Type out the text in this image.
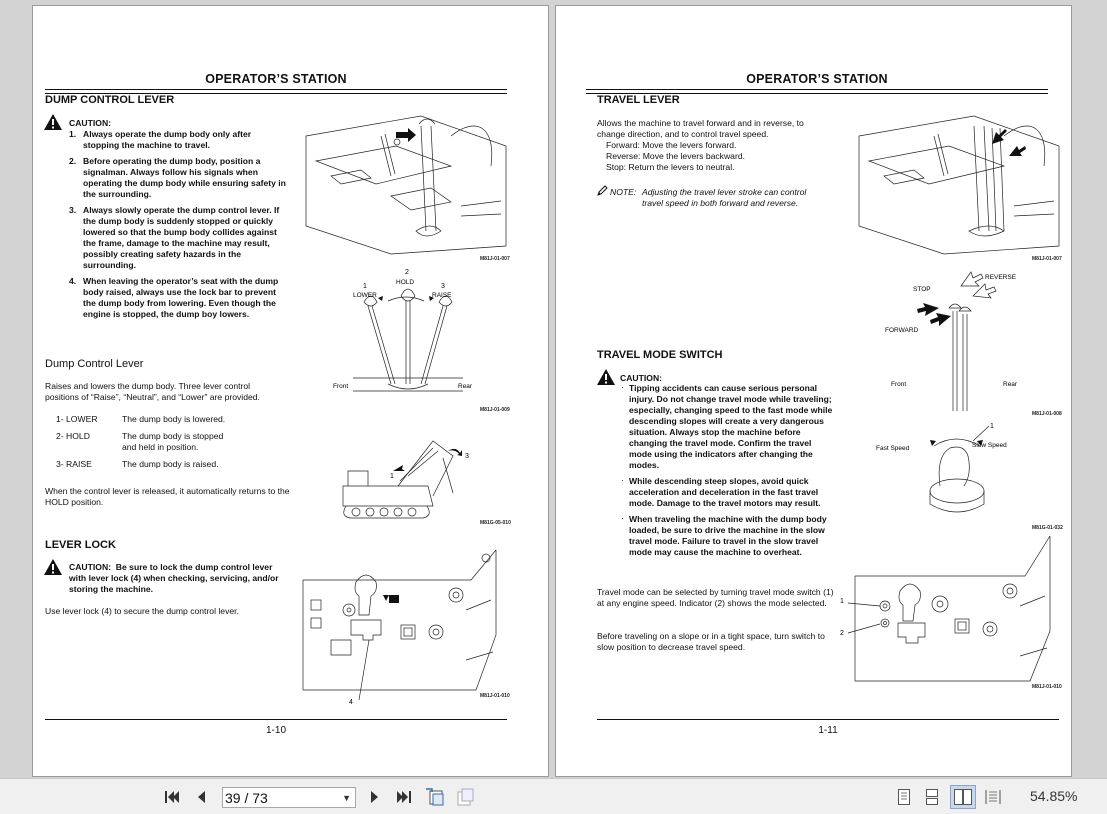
OPERATOR’S STATION
DUMP CONTROL LEVER
CAUTION:
1. Always operate the dump body only after stopping the machine to travel.
2. Before operating the dump body, position a signalman. Always follow his signals when operating the dump body while ensuring safety in the surrounding.
3. Always slowly operate the dump control lever. If the dump body is suddenly stopped or quickly lowered so that the bump body collides against the frame, damage to the machine may result, possibly creating safety hazards in the surrounding.
4. When leaving the operator’s seat with the dump body raised, always use the lock bar to prevent the dump body from lowering. Even though the engine is stopped, the dump boy lowers.
Dump Control Lever
Raises and lowers the dump body. Three lever control positions of “Raise”, “Neutral”, and “Lower” are provided.
1- LOWER	The dump body is lowered.
2- HOLD	The dump body is stopped and held in position.
3- RAISE	The dump body is raised.
When the control lever is released, it automatically returns to the HOLD position.
LEVER LOCK
CAUTION: Be sure to lock the dump control lever with lever lock (4) when checking, servicing, and/or storing the machine.
Use lever lock (4) to secure the dump control lever.
M81J-01-007
2
HOLD
1
LOWER
3
RAISE
Front	Rear
M81J-01-009
1
3
M81G-05-010
4
M81J-01-010
1-10
OPERATOR’S STATION
TRAVEL LEVER
Allows the machine to travel forward and in reverse, to change direction, and to control travel speed.
Forward: Move the levers forward.
Reverse: Move the levers backward.
Stop: Return the levers to neutral.
NOTE: Adjusting the travel lever stroke can control travel speed in both forward and reverse.
TRAVEL MODE SWITCH
CAUTION:
· Tipping accidents can cause serious personal injury. Do not change travel mode while traveling; especially, changing speed to the fast mode while descending slopes will create a very dangerous situation. Always stop the machine before changing the travel mode. Confirm the travel mode using the indicators after changing the modes.
· While descending steep slopes, avoid quick acceleration and deceleration in the fast travel mode. Damage to the travel motors may result.
· When traveling the machine with the dump body loaded, be sure to drive the machine in the slow travel mode. Failure to travel in the slow travel mode may cause the machine to overheat.
Travel mode can be selected by turning travel mode switch (1) at any engine speed. Indicator (2) shows the mode selected.
Before traveling on a slope or in a tight space, turn switch to slow position to decrease travel speed.
M81J-01-007
REVERSE
STOP
FORWARD
Front	Rear
M81J-01-008
1
Fast Speed	Slow Speed
M81G-01-032
1
2
M81J-01-010
1-11
39 / 73	▼	54.85%
